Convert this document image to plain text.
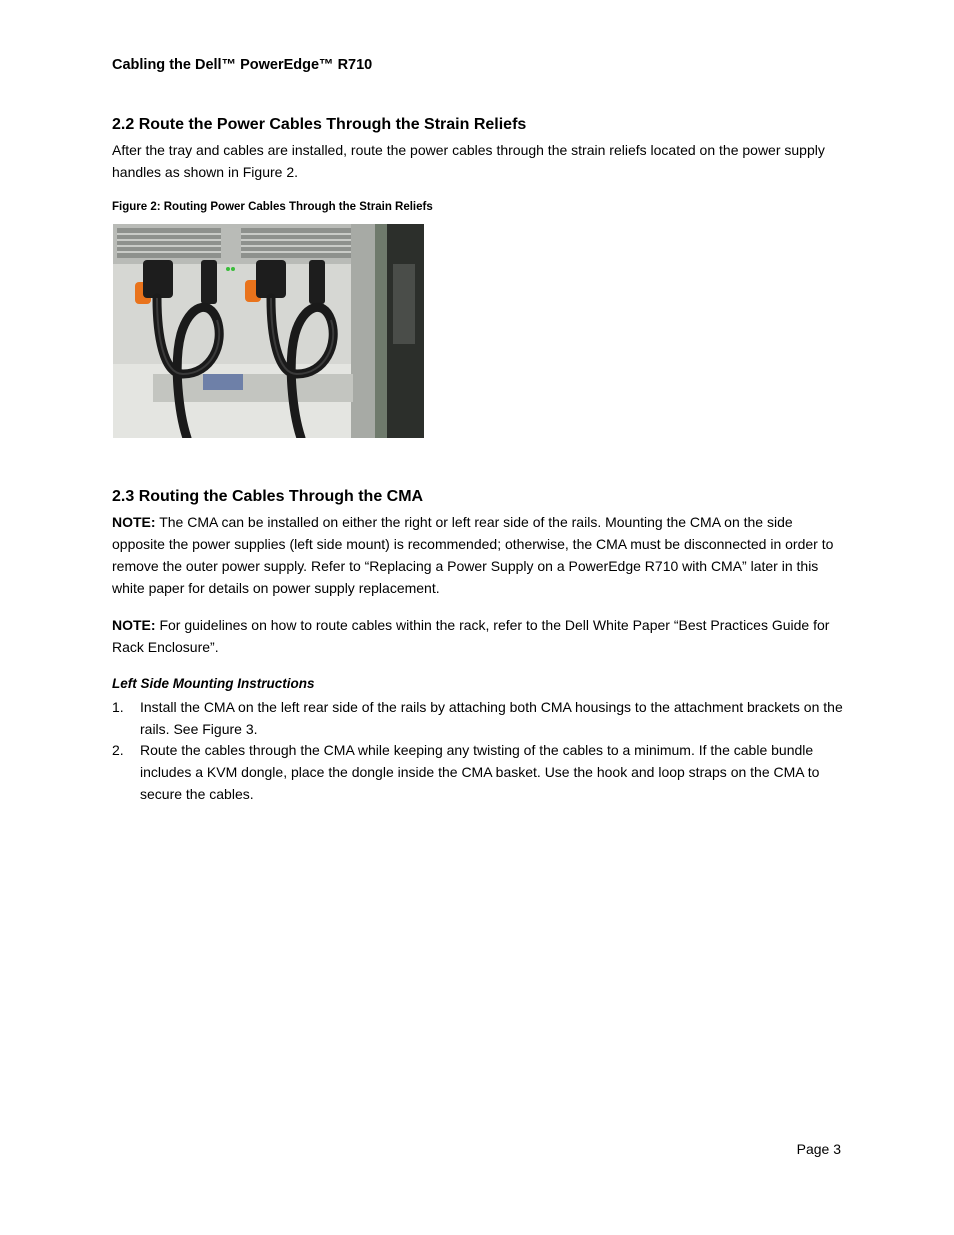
Cabling the Dell™ PowerEdge™ R710
2.2 Route the Power Cables Through the Strain Reliefs
After the tray and cables are installed, route the power cables through the strain reliefs located on the power supply handles as shown in Figure 2.
Figure 2: Routing Power Cables Through the Strain Reliefs
2.3 Routing the Cables Through the CMA
NOTE: The CMA can be installed on either the right or left rear side of the rails. Mounting the CMA on the side opposite the power supplies (left side mount) is recommended; otherwise, the CMA must be disconnected in order to remove the outer power supply. Refer to “Replacing a Power Supply on a PowerEdge R710 with CMA” later in this white paper for details on power supply replacement.
NOTE: For guidelines on how to route cables within the rack, refer to the Dell White Paper “Best Practices Guide for Rack Enclosure”.
Left Side Mounting Instructions
1. Install the CMA on the left rear side of the rails by attaching both CMA housings to the attachment brackets on the rails. See Figure 3.
2. Route the cables through the CMA while keeping any twisting of the cables to a minimum. If the cable bundle includes a KVM dongle, place the dongle inside the CMA basket. Use the hook and loop straps on the CMA to secure the cables.
Page 3
